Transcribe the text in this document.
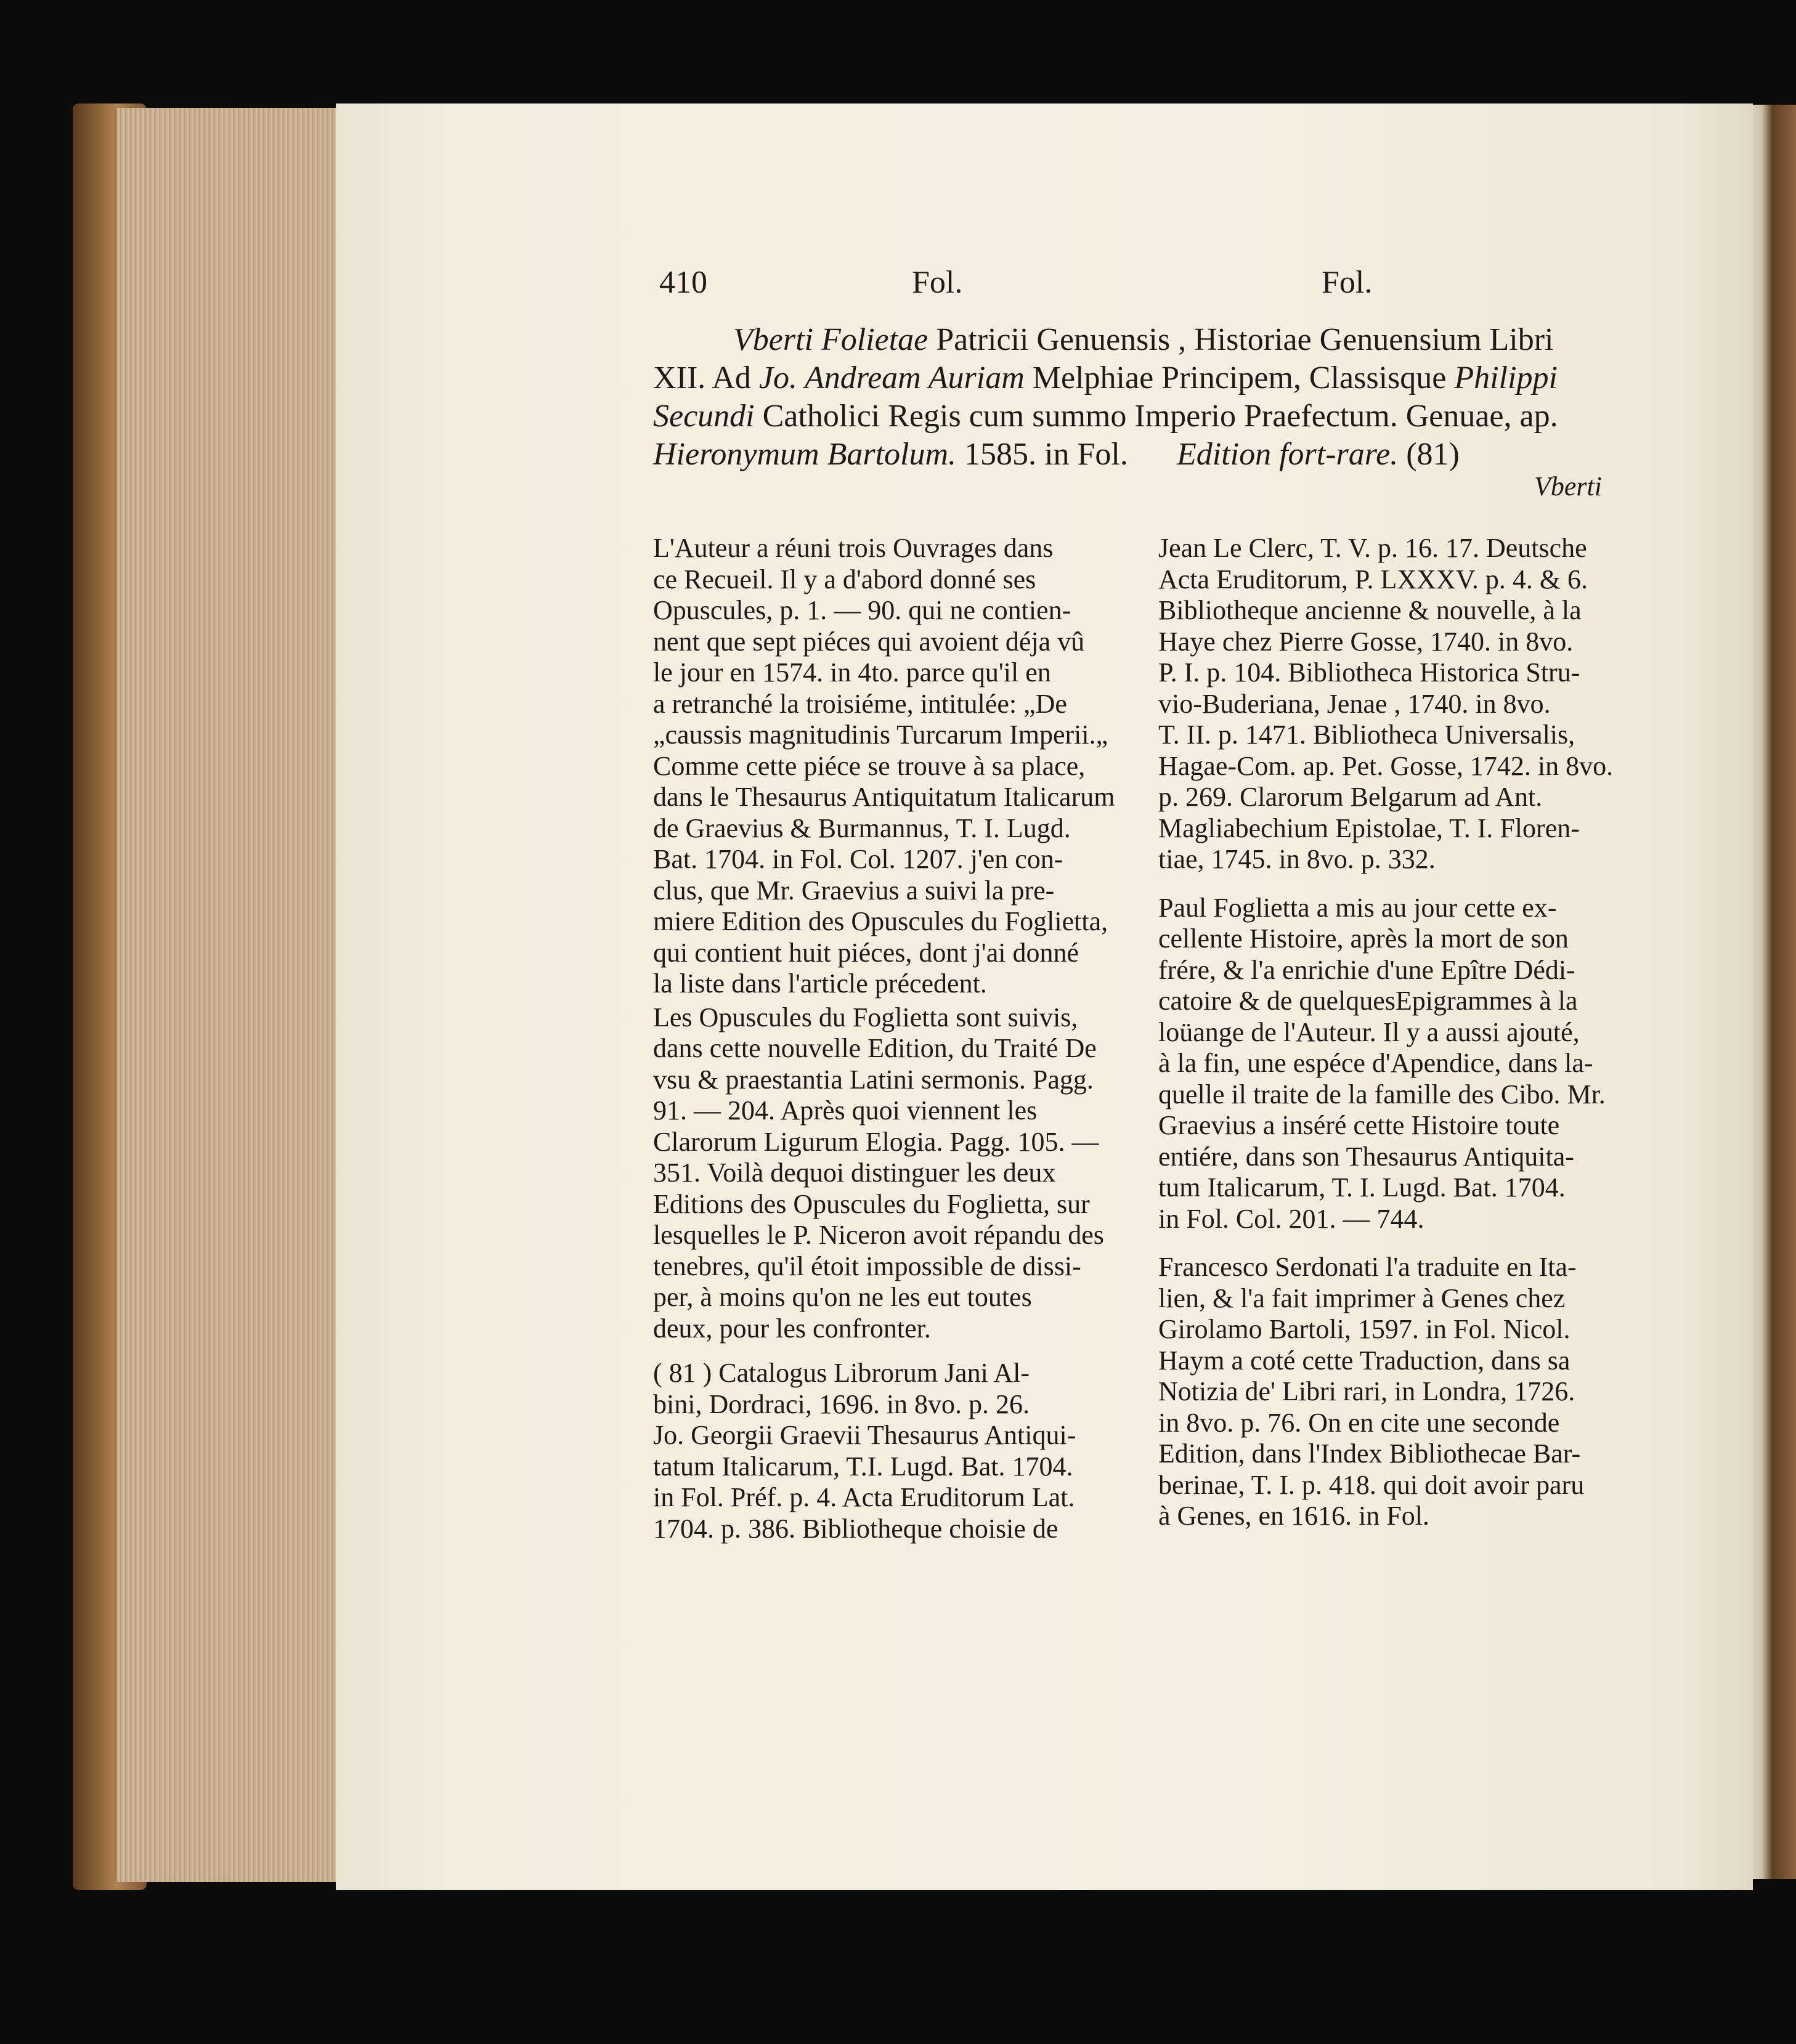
410	Fol.	Fol.
Vberti Folietae Patricii Genuensis , Historiae Genuensium Libri
XII. Ad Jo. Andream Auriam Melphiae Principem, Classisque Philippi
Secundi Catholici Regis cum summo Imperio Praefectum. Genuae, ap.
Hieronymum Bartolum. 1585. in Fol. Edition fort-rare. (81)
Vberti
L'Auteur a réuni trois Ouvrages dans
ce Recueil. Il y a d'abord donné ses
Opuscules, p. 1. — 90. qui ne contien-
nent que sept piéces qui avoient déja vû
le jour en 1574. in 4to. parce qu'il en
a retranché la troisiéme, intitulée: „De
„caussis magnitudinis Turcarum Imperii.„
Comme cette piéce se trouve à sa place,
dans le Thesaurus Antiquitatum Italicarum
de Graevius & Burmannus, T. I. Lugd.
Bat. 1704. in Fol. Col. 1207. j'en con-
clus, que Mr. Graevius a suivi la pre-
miere Edition des Opuscules du Foglietta,
qui contient huit piéces, dont j'ai donné
la liste dans l'article précedent.
Les Opuscules du Foglietta sont suivis,
dans cette nouvelle Edition, du Traité De
vsu & praestantia Latini sermonis. Pagg.
91. — 204. Après quoi viennent les
Clarorum Ligurum Elogia. Pagg. 105. —
351. Voilà dequoi distinguer les deux
Editions des Opuscules du Foglietta, sur
lesquelles le P. Niceron avoit répandu des
tenebres, qu'il étoit impossible de dissi-
per, à moins qu'on ne les eut toutes
deux, pour les confronter.
( 81 ) Catalogus Librorum Jani Al-
bini, Dordraci, 1696. in 8vo. p. 26.
Jo. Georgii Graevii Thesaurus Antiqui-
tatum Italicarum, T.I. Lugd. Bat. 1704.
in Fol. Préf. p. 4. Acta Eruditorum Lat.
1704. p. 386. Bibliotheque choisie de
Jean Le Clerc, T. V. p. 16. 17. Deutsche
Acta Eruditorum, P. LXXXV. p. 4. & 6.
Bibliotheque ancienne & nouvelle, à la
Haye chez Pierre Gosse, 1740. in 8vo.
P. I. p. 104. Bibliotheca Historica Stru-
vio-Buderiana, Jenae , 1740. in 8vo.
T. II. p. 1471. Bibliotheca Universalis,
Hagae-Com. ap. Pet. Gosse, 1742. in 8vo.
p. 269. Clarorum Belgarum ad Ant.
Magliabechium Epistolae, T. I. Floren-
tiae, 1745. in 8vo. p. 332.
Paul Foglietta a mis au jour cette ex-
cellente Histoire, après la mort de son
frére, & l'a enrichie d'une Epître Dédi-
catoire & de quelquesEpigrammes à la
loüange de l'Auteur. Il y a aussi ajouté,
à la fin, une espéce d'Apendice, dans la-
quelle il traite de la famille des Cibo. Mr.
Graevius a inséré cette Histoire toute
entiére, dans son Thesaurus Antiquita-
tum Italicarum, T. I. Lugd. Bat. 1704.
in Fol. Col. 201. — 744.
Francesco Serdonati l'a traduite en Ita-
lien, & l'a fait imprimer à Genes chez
Girolamo Bartoli, 1597. in Fol. Nicol.
Haym a coté cette Traduction, dans sa
Notizia de' Libri rari, in Londra, 1726.
in 8vo. p. 76. On en cite une seconde
Edition, dans l'Index Bibliothecae Bar-
berinae, T. I. p. 418. qui doit avoir paru
à Genes, en 1616. in Fol.
